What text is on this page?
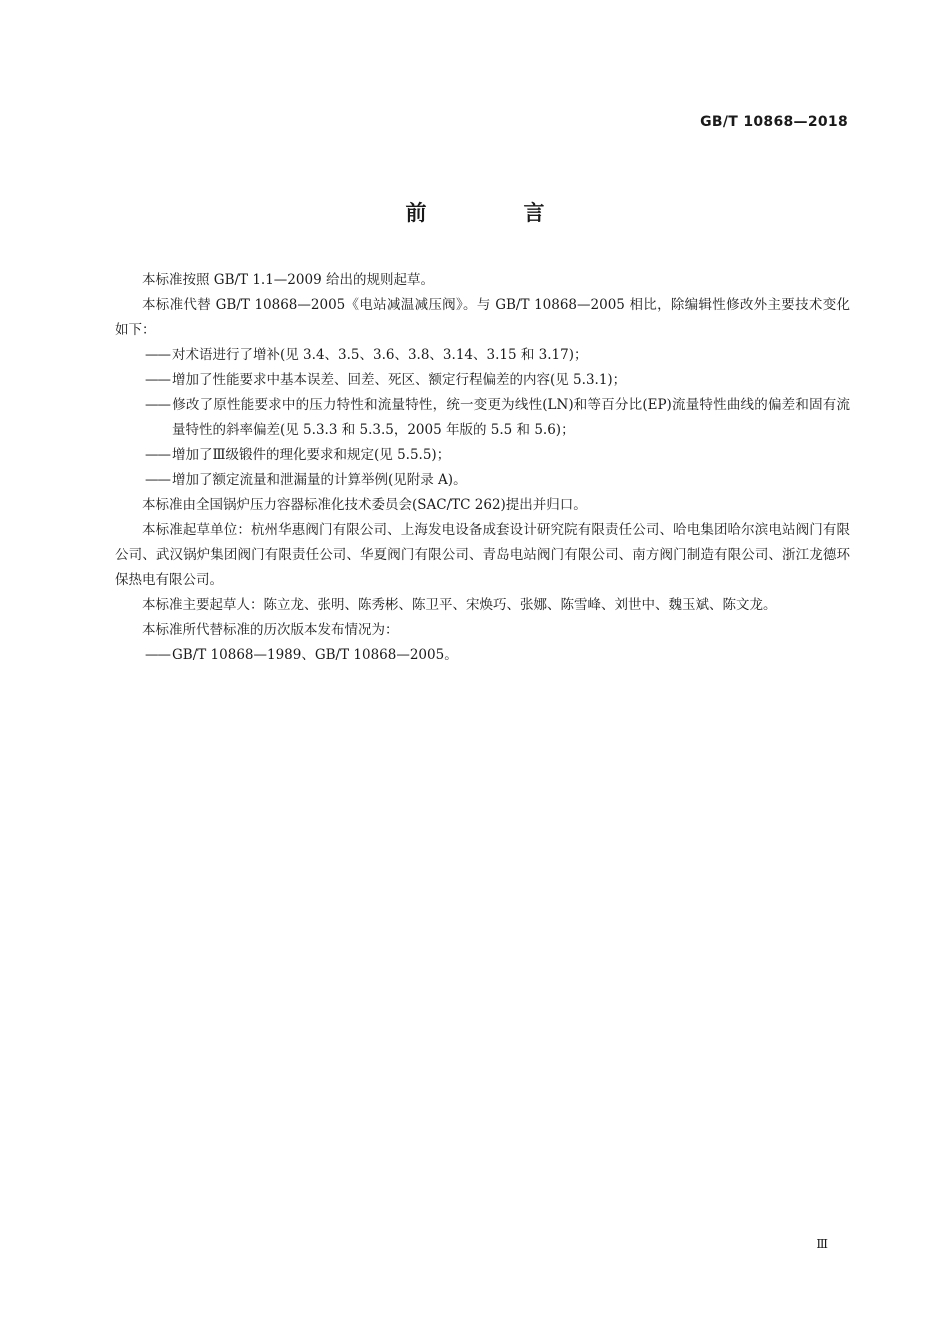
GB/T 10868—2018
前　言

本标准按照 GB/T 1.1—2009 给出的规则起草。

本标准代替 GB/T 10868—2005《电站减温减压阀》。与 GB/T 10868—2005 相比，除编辑性修改外主要技术变化如下：

—— 对术语进行了增补(见 3.4、3.5、3.6、3.8、3.14、3.15 和 3.17)；

—— 增加了性能要求中基本误差、回差、死区、额定行程偏差的内容(见 5.3.1)；

—— 修改了原性能要求中的压力特性和流量特性，统一变更为线性(LN)和等百分比(EP)流量特性曲线的偏差和固有流量特性的斜率偏差(见 5.3.3 和 5.3.5，2005 年版的 5.5 和 5.6)；

—— 增加了Ⅲ级锻件的理化要求和规定(见 5.5.5)；

—— 增加了额定流量和泄漏量的计算举例(见附录 A)。

本标准由全国锅炉压力容器标准化技术委员会(SAC/TC 262)提出并归口。

本标准起草单位：杭州华惠阀门有限公司、上海发电设备成套设计研究院有限责任公司、哈电集团哈尔滨电站阀门有限公司、武汉锅炉集团阀门有限责任公司、华夏阀门有限公司、青岛电站阀门有限公司、南方阀门制造有限公司、浙江龙德环保热电有限公司。

本标准主要起草人：陈立龙、张明、陈秀彬、陈卫平、宋焕巧、张娜、陈雪峰、刘世中、魏玉斌、陈文龙。

本标准所代替标准的历次版本发布情况为：

—— GB/T 10868—1989、GB/T 10868—2005。

Ⅲ
